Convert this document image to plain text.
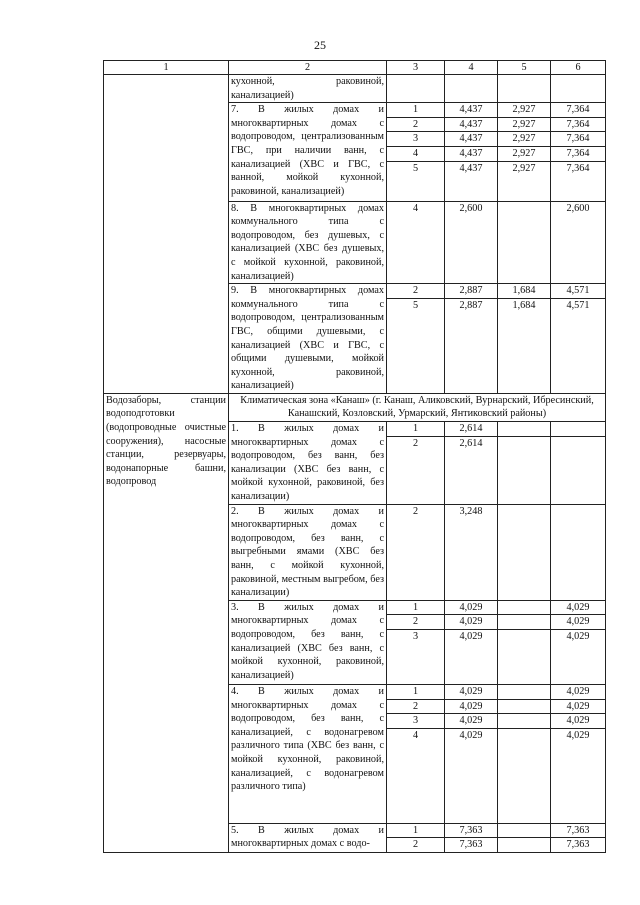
25
1	2	3	4	5	6
	кухонной, раковиной, канализацией)				
	7. В жилых домах и многоквартирных домах с водопроводом, централизованным ГВС, при наличии ванн, с канализацией (ХВС и ГВС, с ванной, мойкой кухонной, раковиной, канализацией)	1	4,437	2,927	7,364
		2	4,437	2,927	7,364
		3	4,437	2,927	7,364
		4	4,437	2,927	7,364
		5	4,437	2,927	7,364
	8. В многоквартирных домах коммунального типа с водопроводом, без душевых, с канализацией (ХВС без душевых, с мойкой кухонной, раковиной, канализацией)	4	2,600		2,600
	9. В многоквартирных домах коммунального типа с водопроводом, централизованным ГВС, общими душевыми, с канализацией (ХВС и ГВС, с общими душевыми, мойкой кухонной, раковиной, канализацией)	2	2,887	1,684	4,571
		5	2,887	1,684	4,571
Водозаборы, станции водоподготовки (водопроводные очистные сооружения), насосные станции, резервуары, водонапорные башни, водопровод	Климатическая зона «Канаш» (г. Канаш, Аликовский, Вурнарский, Ибресинский, Канашский, Козловский, Урмарский, Янтиковский районы)				
	1. В жилых домах и многоквартирных домах с водопроводом, без ванн, без канализации (ХВС без ванн, с мойкой кухонной, раковиной, без канализации)	1	2,614		
		2	2,614		
	2. В жилых домах и многоквартирных домах с водопроводом, без ванн, с выгребными ямами (ХВС без ванн, с мойкой кухонной, раковиной, местным выгребом, без канализации)	2	3,248		
	3. В жилых домах и многоквартирных домах с водопроводом, без ванн, с канализацией (ХВС без ванн, с мойкой кухонной, раковиной, канализацией)	1	4,029		4,029
		2	4,029		4,029
		3	4,029		4,029
	4. В жилых домах и многоквартирных домах с водопроводом, без ванн, с канализацией, с водонагревом различного типа (ХВС без ванн, с мойкой кухонной, раковиной, канализацией, с водонагревом различного типа)	1	4,029		4,029
		2	4,029		4,029
		3	4,029		4,029
		4	4,029		4,029
	5. В жилых домах и многоквартирных домах с водо-	1	7,363		7,363
		2	7,363		7,363
